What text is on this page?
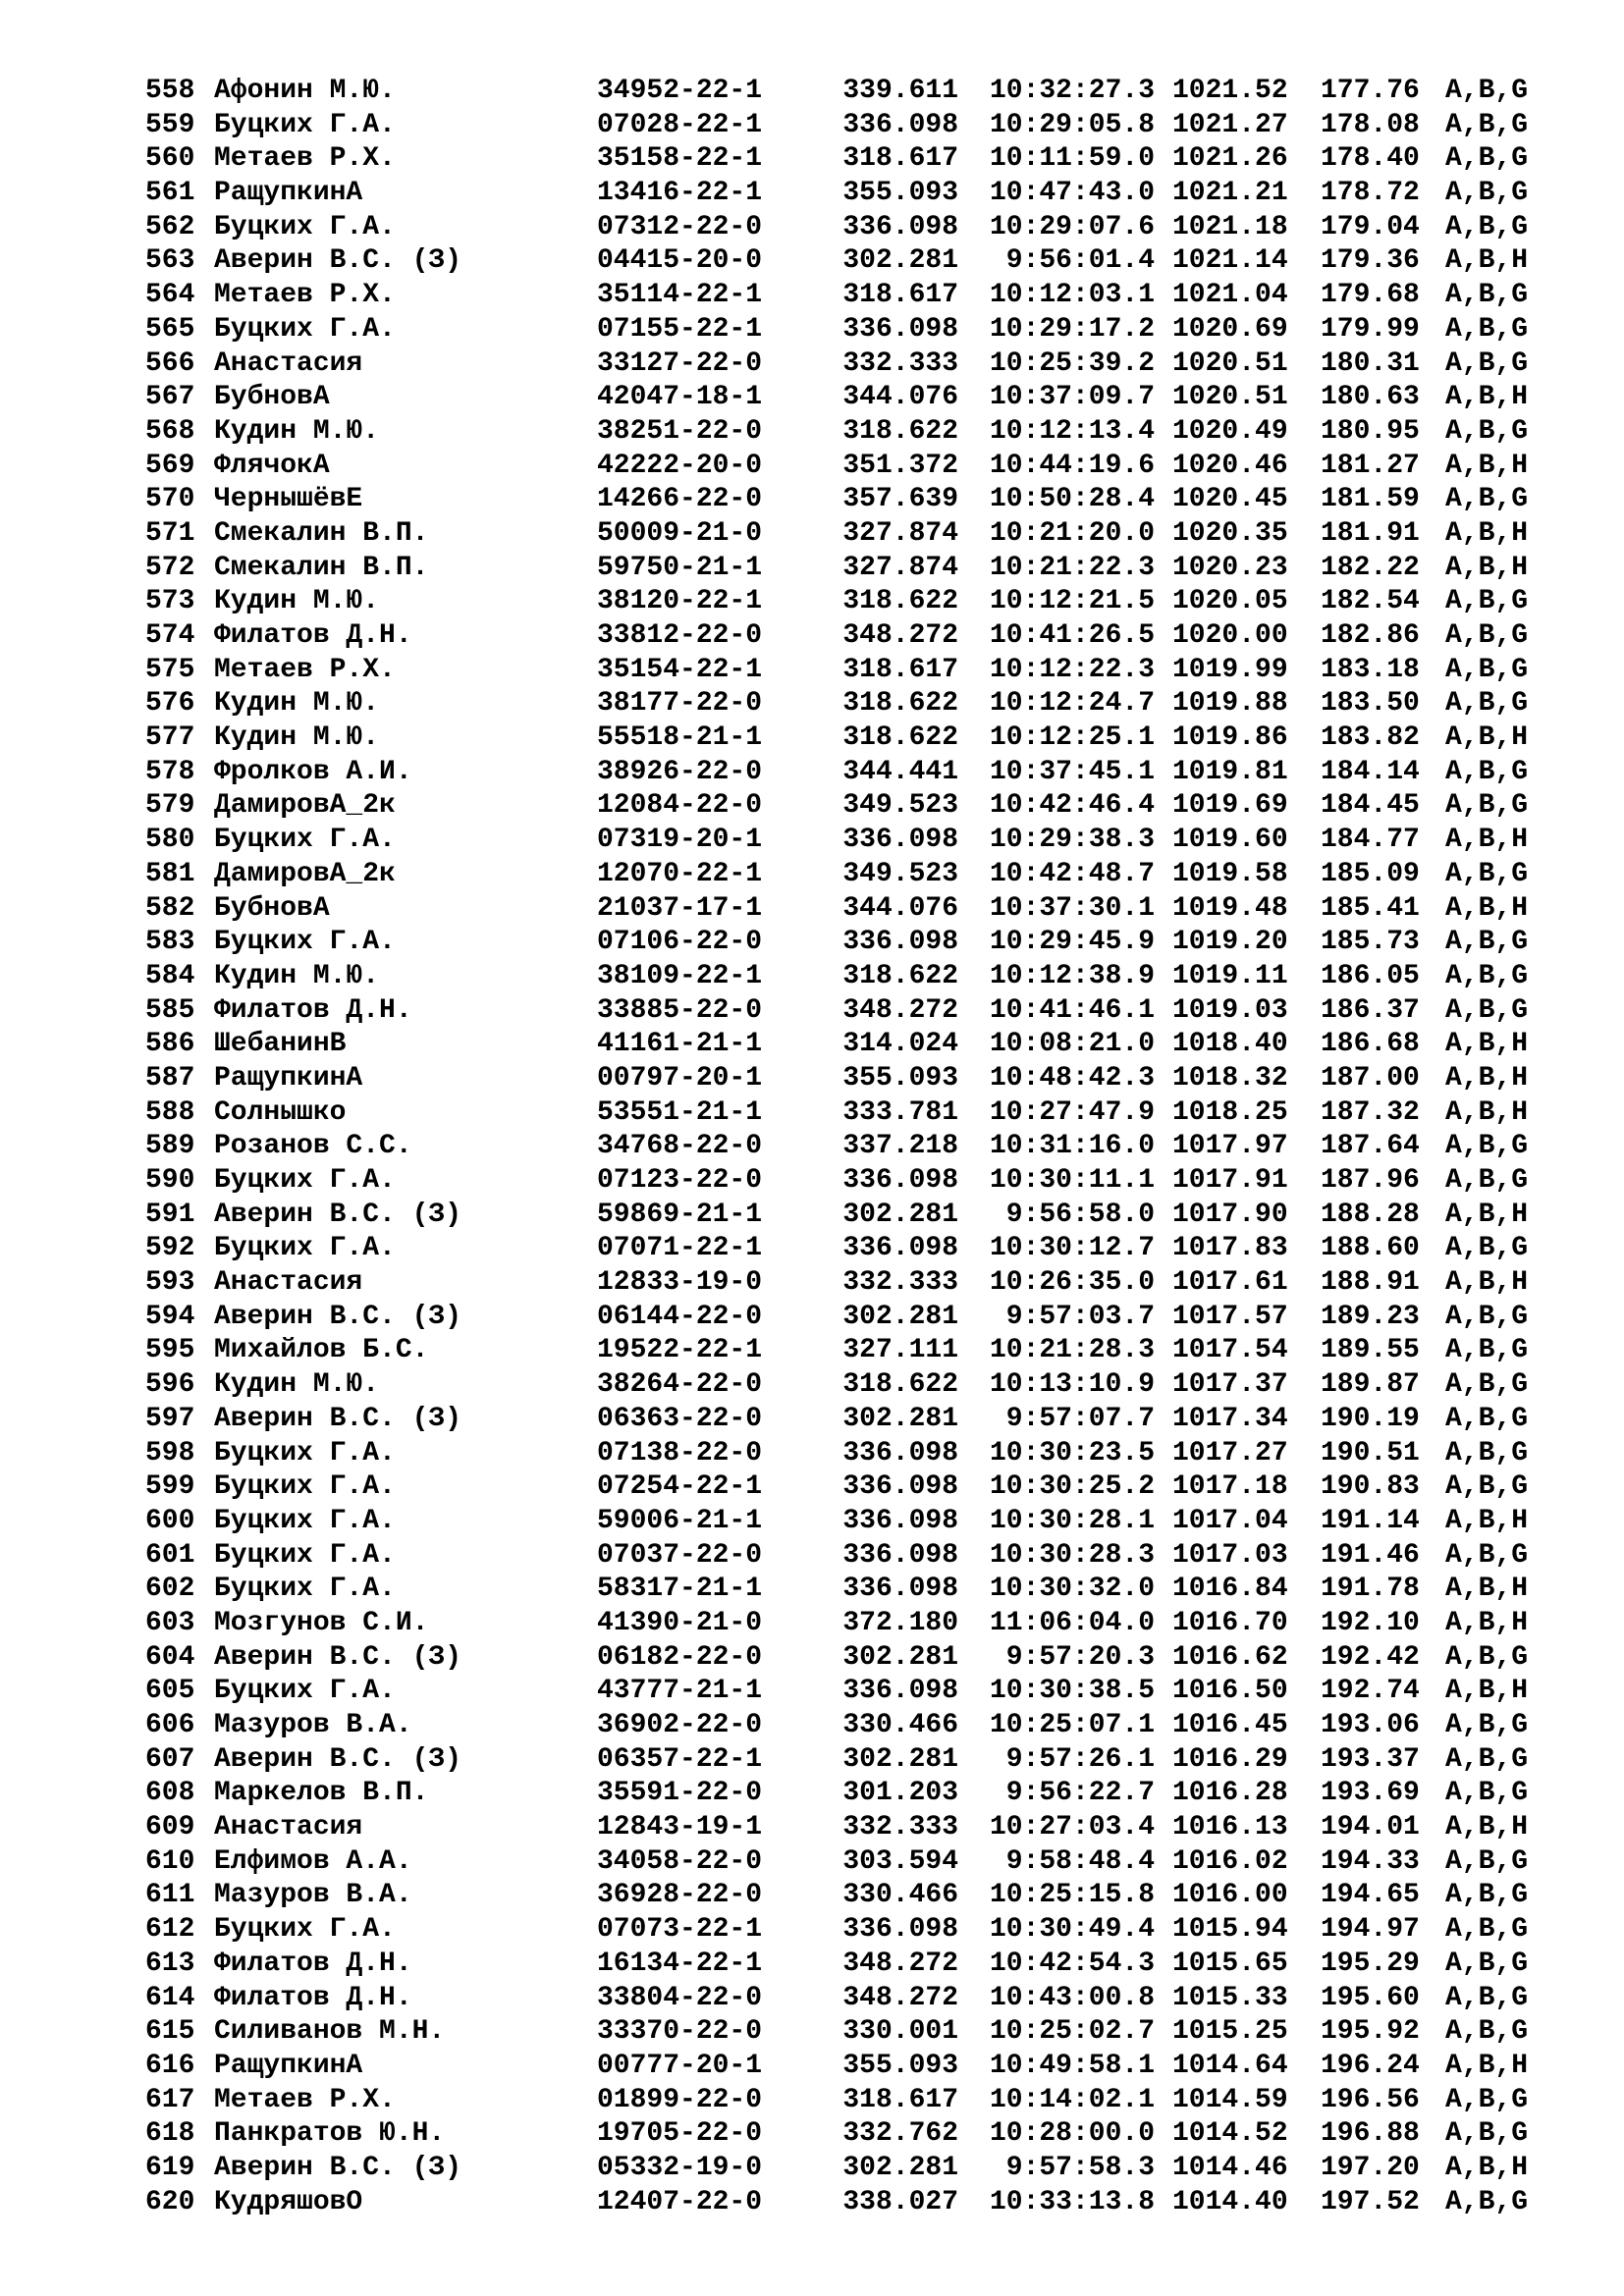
558 Афонин М.Ю.	34952-22-1	339.611	10:32:27.3 1021.52 177.76 A,B,G
559 Буцких Г.А.	07028-22-1	336.098	10:29:05.8 1021.27 178.08 A,B,G
560 Метаев Р.Х.	35158-22-1	318.617	10:11:59.0 1021.26 178.40 A,B,G
561 РащупкинА	13416-22-1	355.093	10:47:43.0 1021.21 178.72 A,B,G
562 Буцких Г.А.	07312-22-0	336.098	10:29:07.6 1021.18 179.04 A,B,G
563 Аверин В.С. (З)	04415-20-0	302.281	9:56:01.4 1021.14 179.36 A,B,H
564 Метаев Р.Х.	35114-22-1	318.617	10:12:03.1 1021.04 179.68 A,B,G
565 Буцких Г.А.	07155-22-1	336.098	10:29:17.2 1020.69 179.99 A,B,G
566 Анастасия	33127-22-0	332.333	10:25:39.2 1020.51 180.31 A,B,G
567 БубновА	42047-18-1	344.076	10:37:09.7 1020.51 180.63 A,B,H
568 Кудин М.Ю.	38251-22-0	318.622	10:12:13.4 1020.49 180.95 A,B,G
569 ФлячокА	42222-20-0	351.372	10:44:19.6 1020.46 181.27 A,B,H
570 ЧернышёвЕ	14266-22-0	357.639	10:50:28.4 1020.45 181.59 A,B,G
571 Смекалин В.П.	50009-21-0	327.874	10:21:20.0 1020.35 181.91 A,B,H
572 Смекалин В.П.	59750-21-1	327.874	10:21:22.3 1020.23 182.22 A,B,H
573 Кудин М.Ю.	38120-22-1	318.622	10:12:21.5 1020.05 182.54 A,B,G
574 Филатов Д.Н.	33812-22-0	348.272	10:41:26.5 1020.00 182.86 A,B,G
575 Метаев Р.Х.	35154-22-1	318.617	10:12:22.3 1019.99 183.18 A,B,G
576 Кудин М.Ю.	38177-22-0	318.622	10:12:24.7 1019.88 183.50 A,B,G
577 Кудин М.Ю.	55518-21-1	318.622	10:12:25.1 1019.86 183.82 A,B,H
578 Фролков А.И.	38926-22-0	344.441	10:37:45.1 1019.81 184.14 A,B,G
579 ДамировА_2к	12084-22-0	349.523	10:42:46.4 1019.69 184.45 A,B,G
580 Буцких Г.А.	07319-20-1	336.098	10:29:38.3 1019.60 184.77 A,B,H
581 ДамировА_2к	12070-22-1	349.523	10:42:48.7 1019.58 185.09 A,B,G
582 БубновА	21037-17-1	344.076	10:37:30.1 1019.48 185.41 A,B,H
583 Буцких Г.А.	07106-22-0	336.098	10:29:45.9 1019.20 185.73 A,B,G
584 Кудин М.Ю.	38109-22-1	318.622	10:12:38.9 1019.11 186.05 A,B,G
585 Филатов Д.Н.	33885-22-0	348.272	10:41:46.1 1019.03 186.37 A,B,G
586 ШебанинВ	41161-21-1	314.024	10:08:21.0 1018.40 186.68 A,B,H
587 РащупкинА	00797-20-1	355.093	10:48:42.3 1018.32 187.00 A,B,H
588 Солнышко	53551-21-1	333.781	10:27:47.9 1018.25 187.32 A,B,H
589 Розанов С.С.	34768-22-0	337.218	10:31:16.0 1017.97 187.64 A,B,G
590 Буцких Г.А.	07123-22-0	336.098	10:30:11.1 1017.91 187.96 A,B,G
591 Аверин В.С. (З)	59869-21-1	302.281	9:56:58.0 1017.90 188.28 A,B,H
592 Буцких Г.А.	07071-22-1	336.098	10:30:12.7 1017.83 188.60 A,B,G
593 Анастасия	12833-19-0	332.333	10:26:35.0 1017.61 188.91 A,B,H
594 Аверин В.С. (З)	06144-22-0	302.281	9:57:03.7 1017.57 189.23 A,B,G
595 Михайлов Б.С.	19522-22-1	327.111	10:21:28.3 1017.54 189.55 A,B,G
596 Кудин М.Ю.	38264-22-0	318.622	10:13:10.9 1017.37 189.87 A,B,G
597 Аверин В.С. (З)	06363-22-0	302.281	9:57:07.7 1017.34 190.19 A,B,G
598 Буцких Г.А.	07138-22-0	336.098	10:30:23.5 1017.27 190.51 A,B,G
599 Буцких Г.А.	07254-22-1	336.098	10:30:25.2 1017.18 190.83 A,B,G
600 Буцких Г.А.	59006-21-1	336.098	10:30:28.1 1017.04 191.14 A,B,H
601 Буцких Г.А.	07037-22-0	336.098	10:30:28.3 1017.03 191.46 A,B,G
602 Буцких Г.А.	58317-21-1	336.098	10:30:32.0 1016.84 191.78 A,B,H
603 Мозгунов С.И.	41390-21-0	372.180	11:06:04.0 1016.70 192.10 A,B,H
604 Аверин В.С. (З)	06182-22-0	302.281	9:57:20.3 1016.62 192.42 A,B,G
605 Буцких Г.А.	43777-21-1	336.098	10:30:38.5 1016.50 192.74 A,B,H
606 Мазуров В.А.	36902-22-0	330.466	10:25:07.1 1016.45 193.06 A,B,G
607 Аверин В.С. (З)	06357-22-1	302.281	9:57:26.1 1016.29 193.37 A,B,G
608 Маркелов В.П.	35591-22-0	301.203	9:56:22.7 1016.28 193.69 A,B,G
609 Анастасия	12843-19-1	332.333	10:27:03.4 1016.13 194.01 A,B,H
610 Елфимов А.А.	34058-22-0	303.594	9:58:48.4 1016.02 194.33 A,B,G
611 Мазуров В.А.	36928-22-0	330.466	10:25:15.8 1016.00 194.65 A,B,G
612 Буцких Г.А.	07073-22-1	336.098	10:30:49.4 1015.94 194.97 A,B,G
613 Филатов Д.Н.	16134-22-1	348.272	10:42:54.3 1015.65 195.29 A,B,G
614 Филатов Д.Н.	33804-22-0	348.272	10:43:00.8 1015.33 195.60 A,B,G
615 Силиванов М.Н.	33370-22-0	330.001	10:25:02.7 1015.25 195.92 A,B,G
616 РащупкинА	00777-20-1	355.093	10:49:58.1 1014.64 196.24 A,B,H
617 Метаев Р.Х.	01899-22-0	318.617	10:14:02.1 1014.59 196.56 A,B,G
618 Панкратов Ю.Н.	19705-22-0	332.762	10:28:00.0 1014.52 196.88 A,B,G
619 Аверин В.С. (З)	05332-19-0	302.281	9:57:58.3 1014.46 197.20 A,B,H
620 КудряшовО	12407-22-0	338.027	10:33:13.8 1014.40 197.52 A,B,G
